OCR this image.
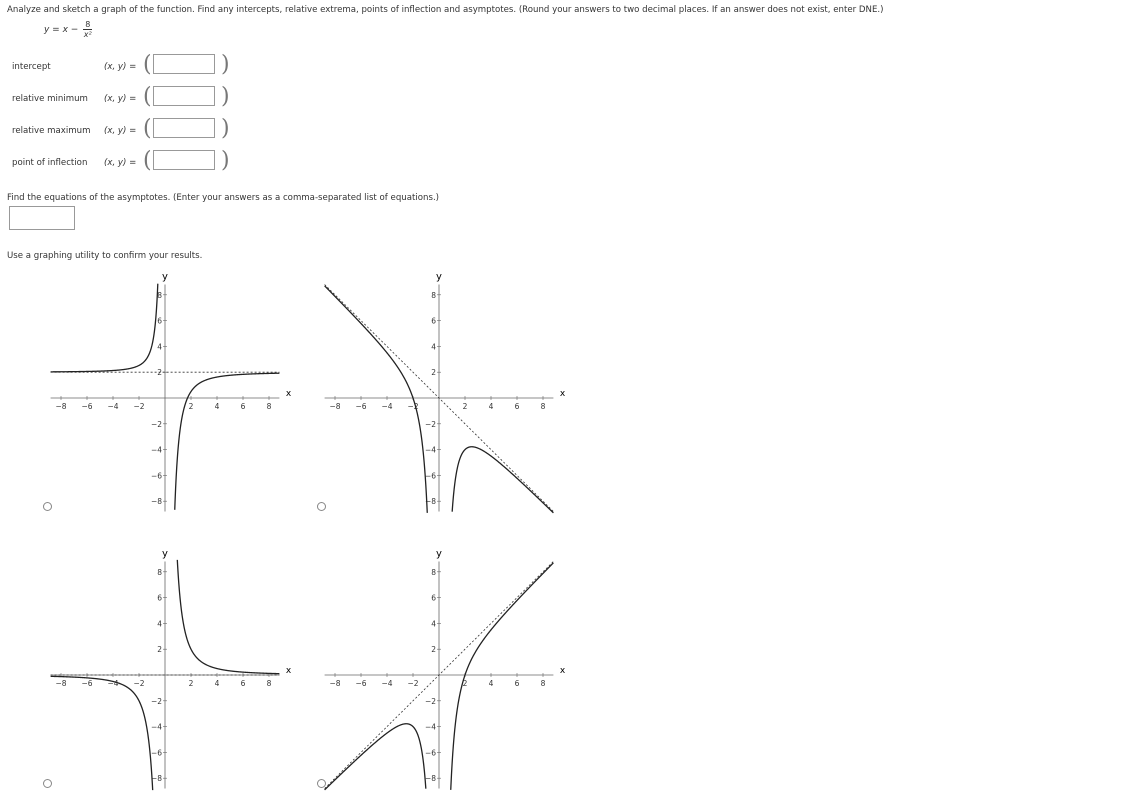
Analyze and sketch a graph of the function. Find any intercepts, relative extrema, points of inflection and asymptotes. (Round your answers to two decimal places. If an answer does not exist, enter DNE.)
$y = x - \frac{8}{\text{x²}}$
intercept	(x, y) = (	)
relative minimum (x, y) = (	)
relative maximum (x, y) = (	)
point of inflection (x, y) = (	)
Find the equations of the asymptotes. (Enter your answers as a comma-separated list of equations.)
Use a graphing utility to confirm your results.
x
y
−8 −6 −4 −2	2	4	6	8
8
6
4
2
−2
−4
−6
−8
x
y
−8 −6 −4 −2	2	4	6	8
8
6
4
2
−2
−4
−6
−8
x
y
−8 −6 −4 −2	2	4	6	8
8
6
4
2
−2
−4
−6
−8
x
y
−8 −6 −4 −2	2	4	6	8
8
6
4
2
−2
−4
−6
−8
